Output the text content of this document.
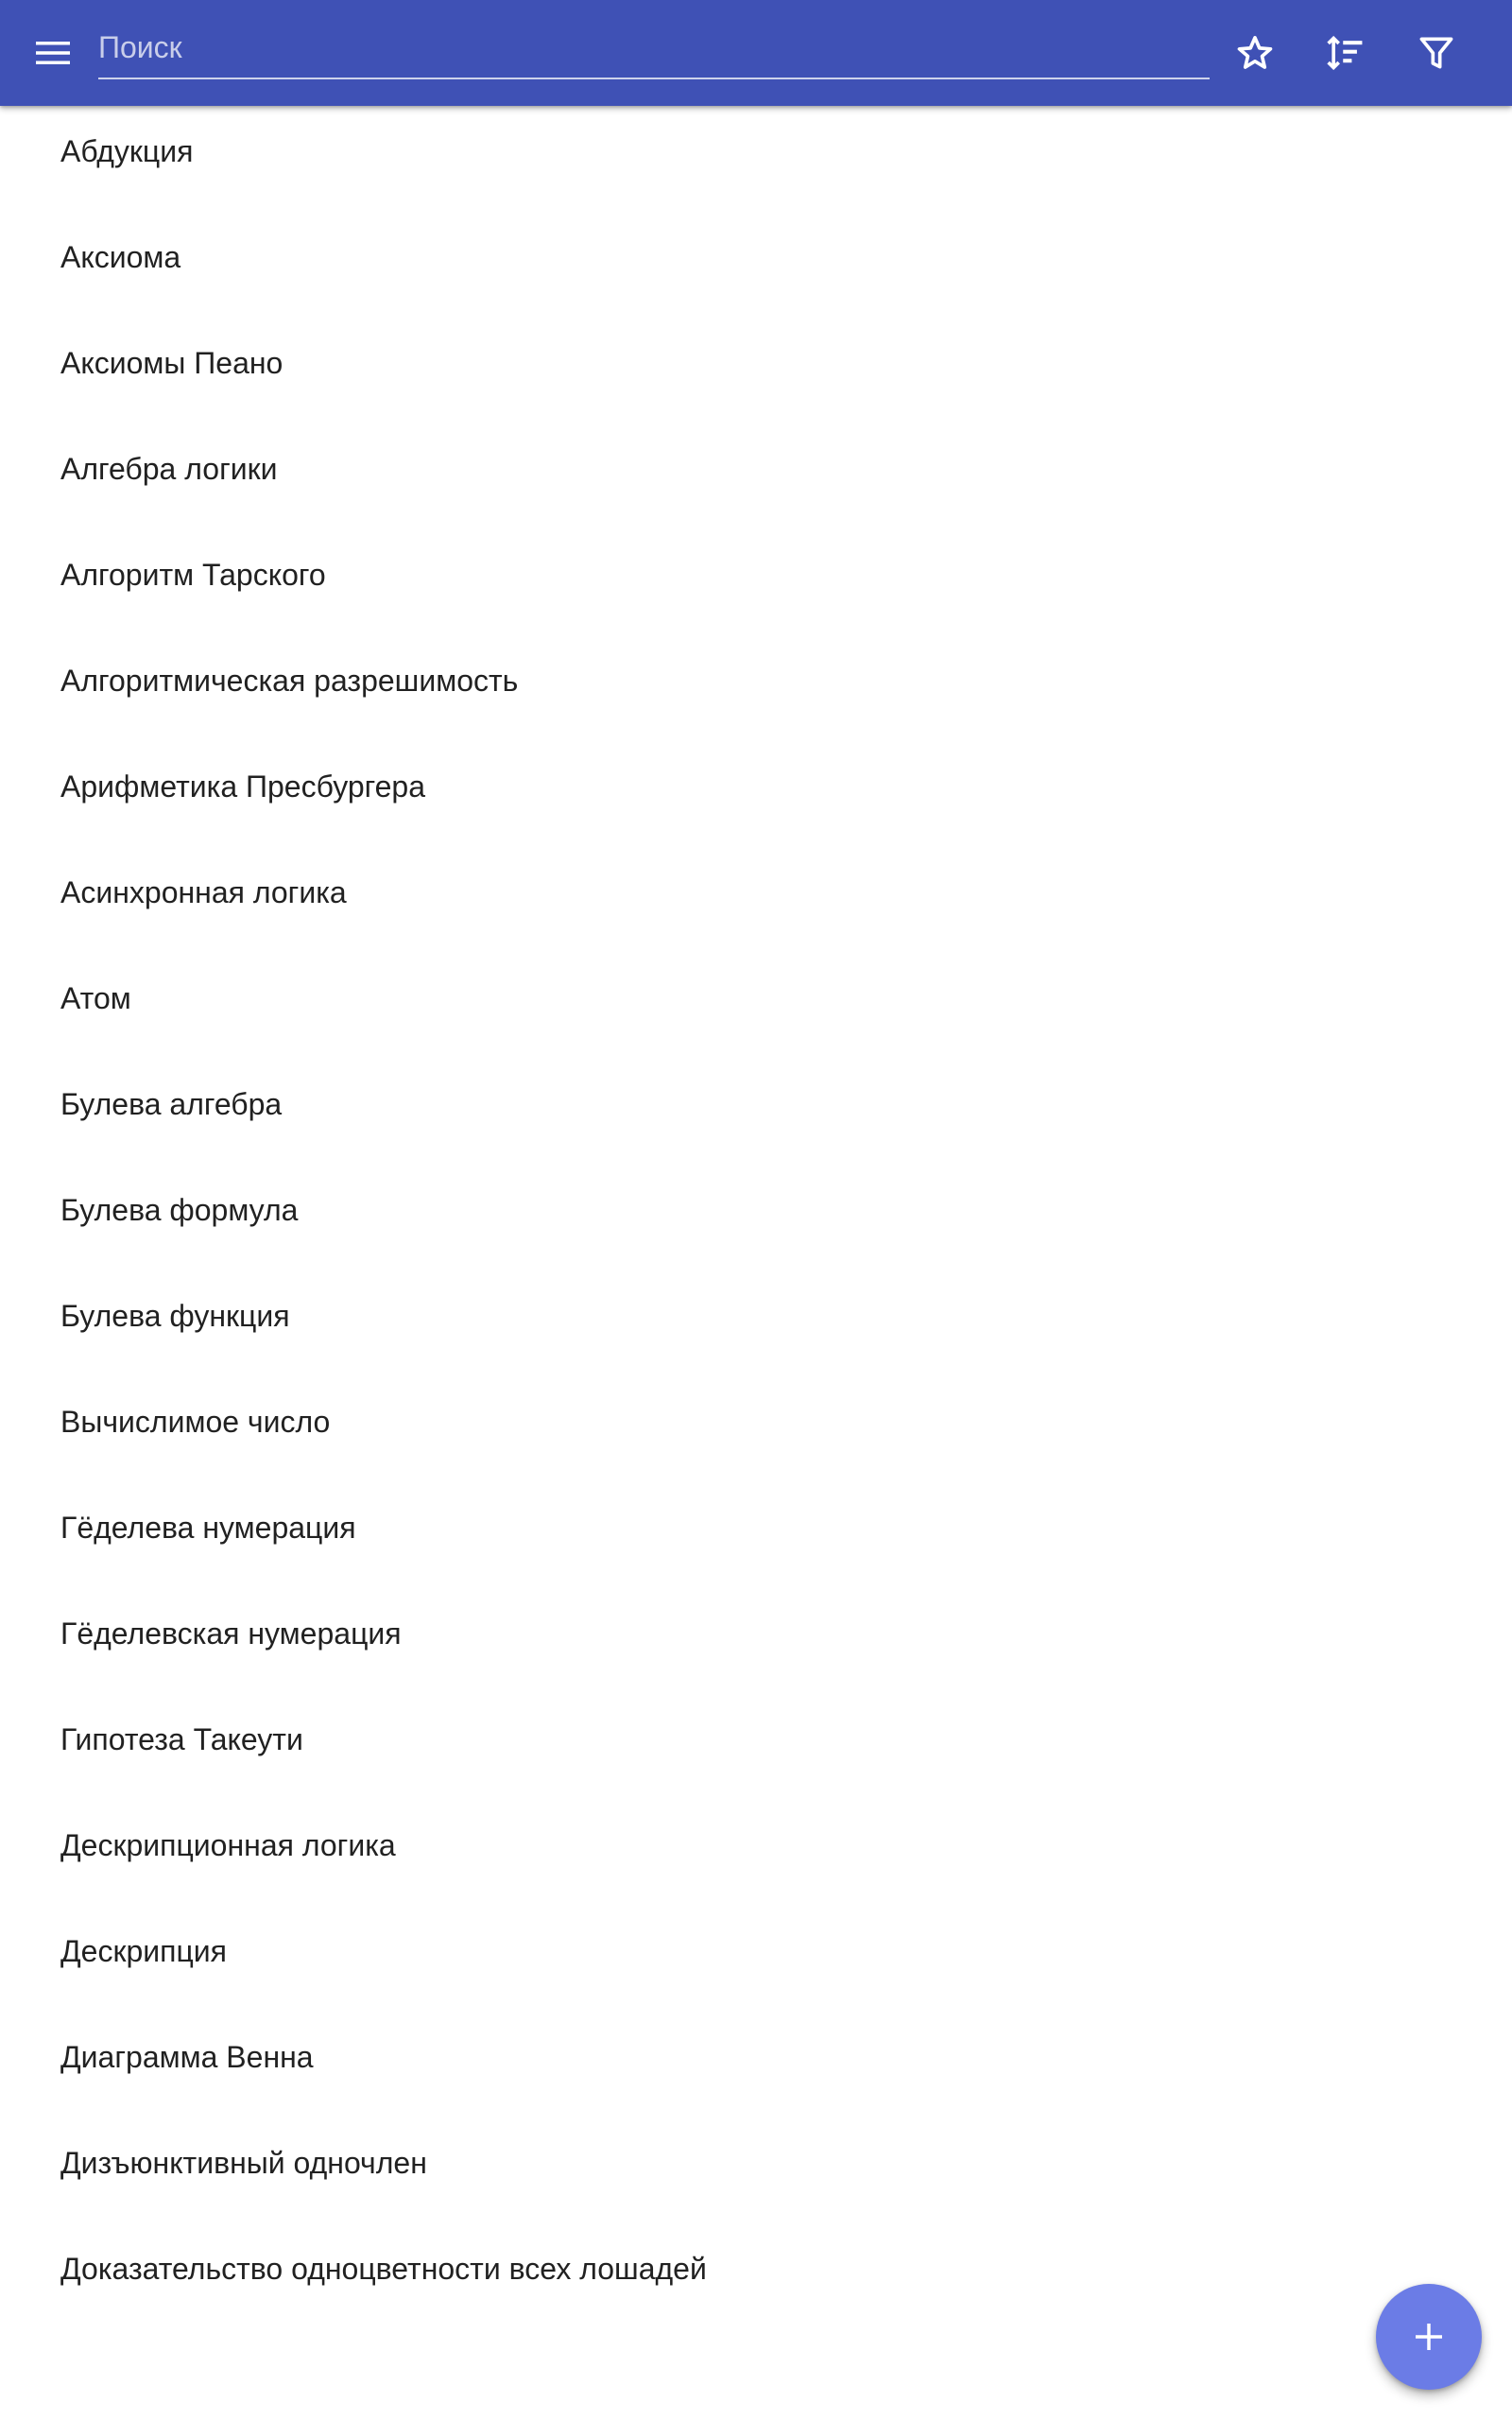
Поиск
Абдукция
Аксиома
Аксиомы Пеано
Алгебра логики
Алгоритм Тарского
Алгоритмическая разрешимость
Арифметика Пресбургера
Асинхронная логика
Атом
Булева алгебра
Булева формула
Булева функция
Вычислимое число
Гёделева нумерация
Гёделевская нумерация
Гипотеза Такеути
Дескрипционная логика
Дескрипция
Диаграмма Венна
Дизъюнктивный одночлен
Доказательство одноцветности всех лошадей
